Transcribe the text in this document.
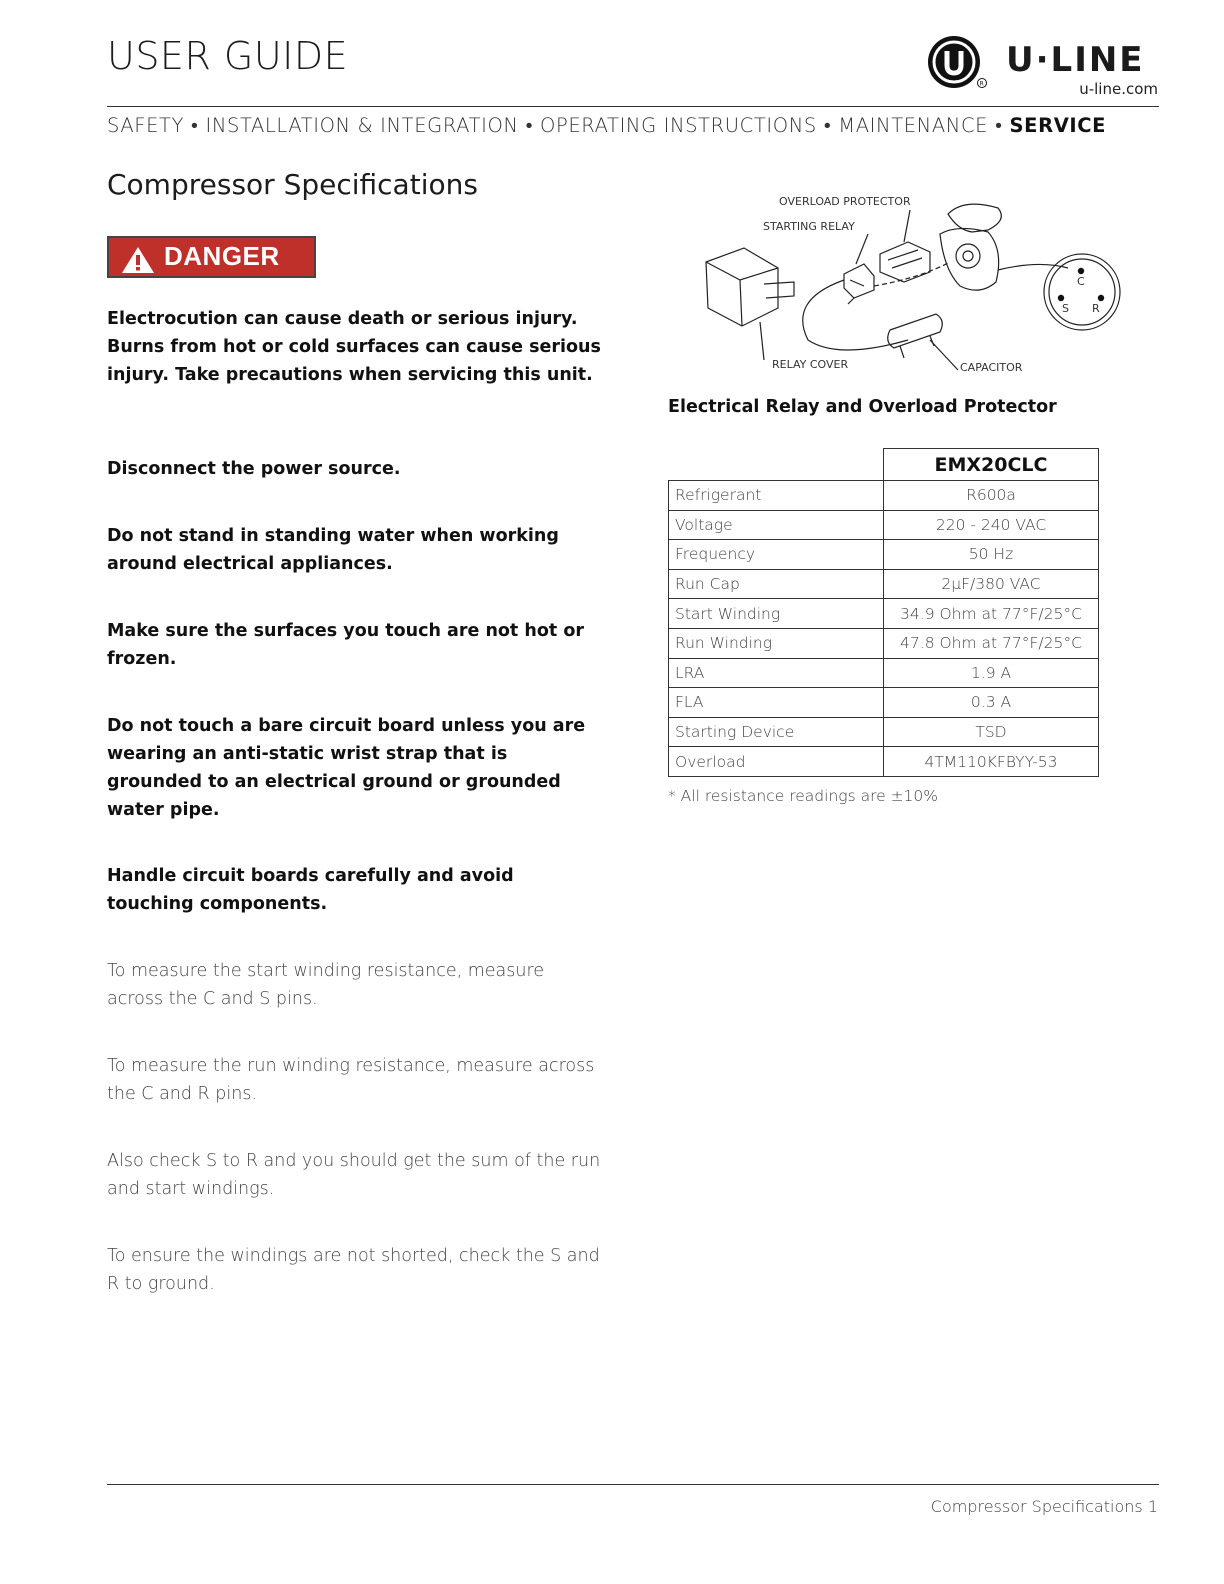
USER GUIDE
R
U·LINE
u-line.com
SAFETY • INSTALLATION & INTEGRATION • OPERATING INSTRUCTIONS • MAINTENANCE • SERVICE
Compressor Specifications
DANGER
Electrocution can cause death or serious injury. Burns from hot or cold surfaces can cause serious injury. Take precautions when servicing this unit.
Disconnect the power source.
Do not stand in standing water when working around electrical appliances.
Make sure the surfaces you touch are not hot or frozen.
Do not touch a bare circuit board unless you are wearing an anti-static wrist strap that is grounded to an electrical ground or grounded water pipe.
Handle circuit boards carefully and avoid touching components.
To measure the start winding resistance, measure across the C and S pins.
To measure the run winding resistance, measure across the C and R pins.
Also check S to R and you should get the sum of the run and start windings.
To ensure the windings are not shorted, check the S and R to ground.
C
S R
OVERLOAD PROTECTOR
STARTING RELAY
RELAY COVER	CAPACITOR
Electrical Relay and Overload Protector
	EMX20CLC
Refrigerant	R600a
Voltage	220 - 240 VAC
Frequency	50 Hz
Run Cap	2µF/380 VAC
Start Winding	34.9 Ohm at 77°F/25°C
Run Winding	47.8 Ohm at 77°F/25°C
LRA	1.9 A
FLA	0.3 A
Starting Device	TSD
Overload	4TM110KFBYY-53
* All resistance readings are ±10%
Compressor Specifications 1
